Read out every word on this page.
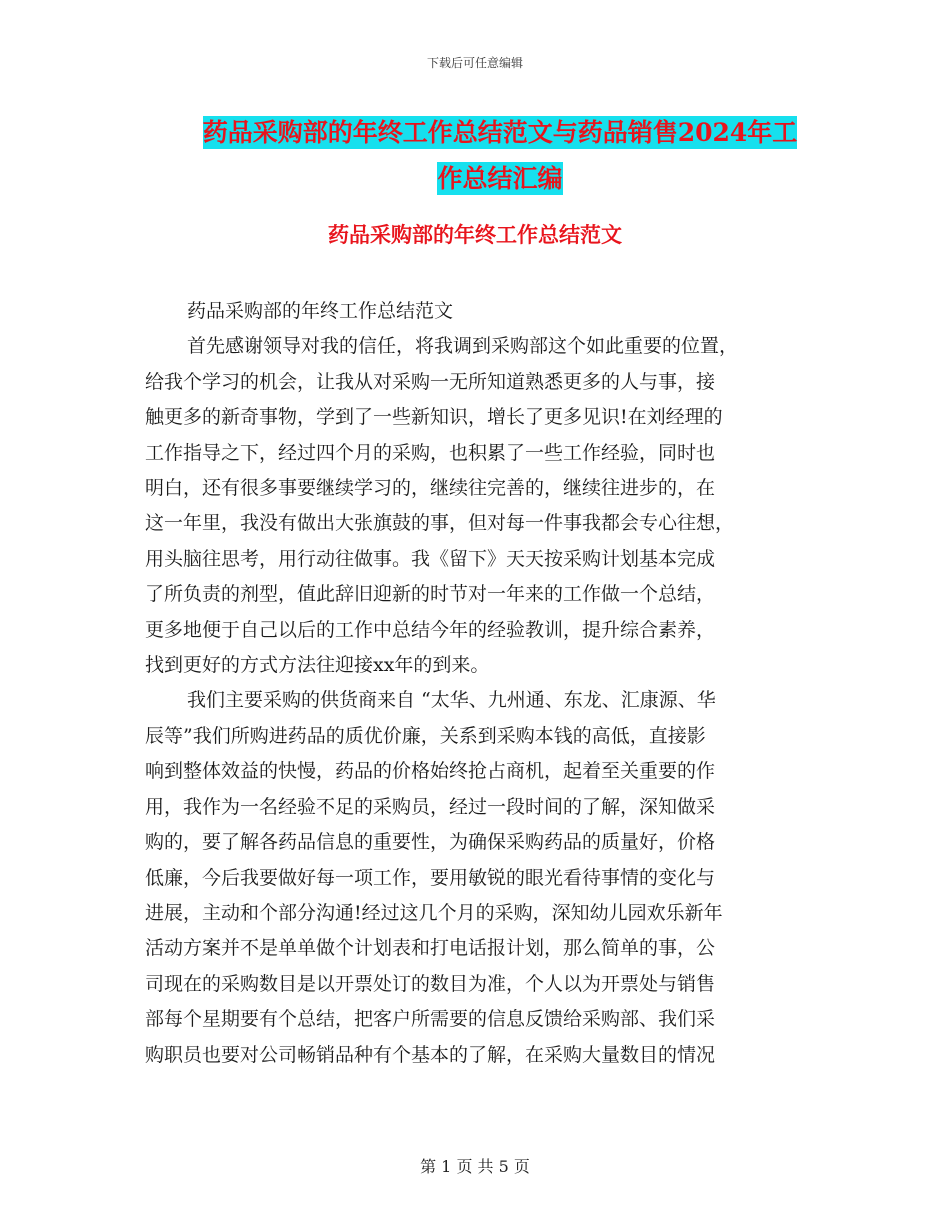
下载后可任意编辑
药品采购部的年终工作总结范文与药品销售2024年工
作总结汇编
药品采购部的年终工作总结范文

药品采购部的年终工作总结范文

首先感谢领导对我的信任，将我调到采购部这个如此重要的位置，

给我个学习的机会，让我从对采购一无所知道熟悉更多的人与事，接

触更多的新奇事物，学到了一些新知识，增长了更多见识!在刘经理的

工作指导之下，经过四个月的采购，也积累了一些工作经验，同时也

明白，还有很多事要继续学习的，继续往完善的，继续往进步的，在

这一年里，我没有做出大张旗鼓的事，但对每一件事我都会专心往想，

用头脑往思考，用行动往做事。我《留下》天天按采购计划基本完成

了所负责的剂型，值此辞旧迎新的时节对一年来的工作做一个总结，

更多地便于自己以后的工作中总结今年的经验教训，提升综合素养，

找到更好的方式方法往迎接xx年的到来。

我们主要采购的供货商来自 “太华、九州通、东龙、汇康源、华

辰等”我们所购进药品的质优价廉，关系到采购本钱的高低，直接影

响到整体效益的快慢，药品的价格始终抢占商机，起着至关重要的作

用，我作为一名经验不足的采购员，经过一段时间的了解，深知做采

购的，要了解各药品信息的重要性，为确保采购药品的质量好，价格

低廉，今后我要做好每一项工作，要用敏锐的眼光看待事情的变化与

进展，主动和个部分沟通!经过这几个月的采购，深知幼儿园欢乐新年

活动方案并不是单单做个计划表和打电话报计划，那么简单的事，公

司现在的采购数目是以开票处订的数目为准，个人以为开票处与销售

部每个星期要有个总结，把客户所需要的信息反馈给采购部、我们采

购职员也要对公司畅销品种有个基本的了解，在采购大量数目的情况

第 1 页 共 5 页
